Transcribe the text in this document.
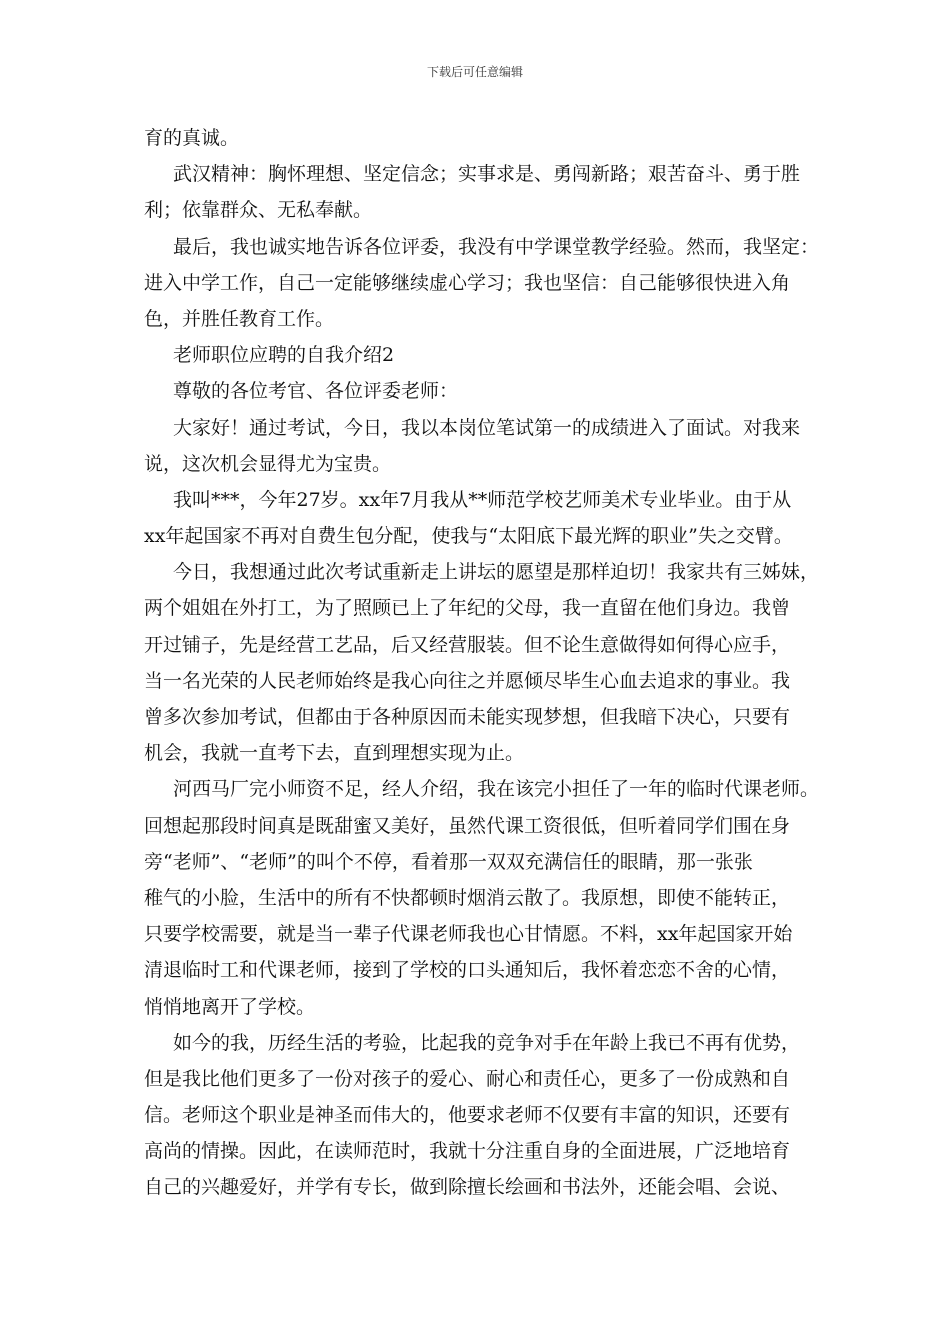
下载后可任意编辑
育的真诚。
武汉精神：胸怀理想、坚定信念；实事求是、勇闯新路；艰苦奋斗、勇于胜
利；依靠群众、无私奉献。
最后，我也诚实地告诉各位评委，我没有中学课堂教学经验。然而，我坚定：
进入中学工作，自己一定能够继续虚心学习；我也坚信：自己能够很快进入角
色，并胜任教育工作。
老师职位应聘的自我介绍2
尊敬的各位考官、各位评委老师：
大家好！通过考试，今日，我以本岗位笔试第一的成绩进入了面试。对我来
说，这次机会显得尤为宝贵。
我叫***，今年27岁。xx年7月我从**师范学校艺师美术专业毕业。由于从
xx年起国家不再对自费生包分配，使我与“太阳底下最光辉的职业”失之交臂。
今日，我想通过此次考试重新走上讲坛的愿望是那样迫切！我家共有三姊妹，
两个姐姐在外打工，为了照顾已上了年纪的父母，我一直留在他们身边。我曾
开过铺子，先是经营工艺品，后又经营服装。但不论生意做得如何得心应手，
当一名光荣的人民老师始终是我心向往之并愿倾尽毕生心血去追求的事业。我
曾多次参加考试，但都由于各种原因而未能实现梦想，但我暗下决心，只要有
机会，我就一直考下去，直到理想实现为止。
河西马厂完小师资不足，经人介绍，我在该完小担任了一年的临时代课老师。
回想起那段时间真是既甜蜜又美好，虽然代课工资很低，但听着同学们围在身
旁“老师”、“老师”的叫个不停，看着那一双双充满信任的眼睛，那一张张
稚气的小脸，生活中的所有不快都顿时烟消云散了。我原想，即使不能转正，
只要学校需要，就是当一辈子代课老师我也心甘情愿。不料，xx年起国家开始
清退临时工和代课老师，接到了学校的口头通知后，我怀着恋恋不舍的心情，
悄悄地离开了学校。
如今的我，历经生活的考验，比起我的竞争对手在年龄上我已不再有优势，
但是我比他们更多了一份对孩子的爱心、耐心和责任心，更多了一份成熟和自
信。老师这个职业是神圣而伟大的，他要求老师不仅要有丰富的知识，还要有
高尚的情操。因此，在读师范时，我就十分注重自身的全面进展，广泛地培育
自己的兴趣爱好，并学有专长，做到除擅长绘画和书法外，还能会唱、会说、
